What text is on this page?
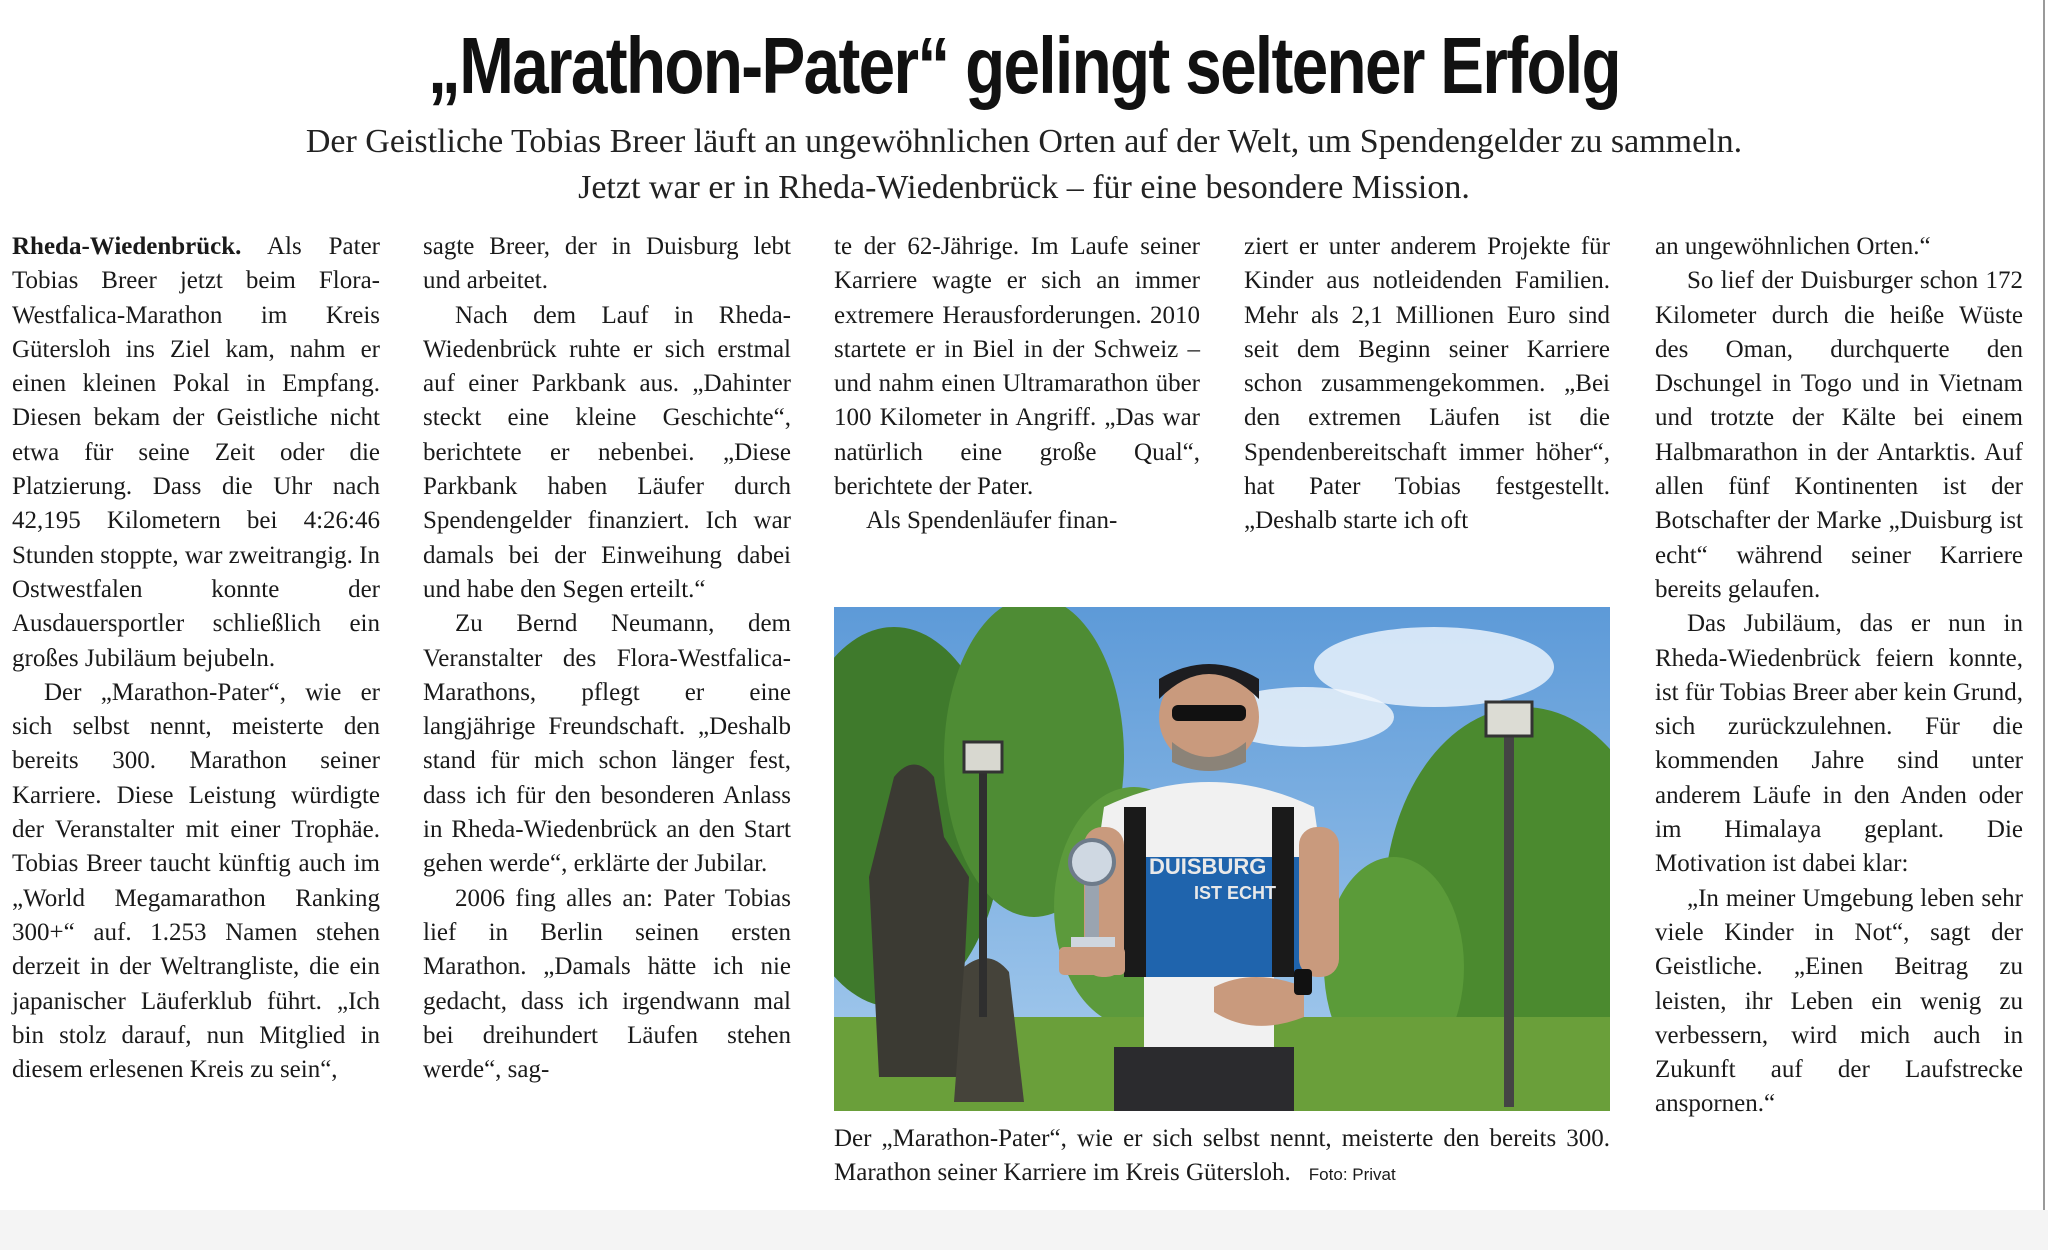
„Marathon-Pater“ gelingt seltener Erfolg
Der Geistliche Tobias Breer läuft an ungewöhnlichen Orten auf der Welt, um Spendengelder zu sammeln.
Jetzt war er in Rheda-Wiedenbrück – für eine besondere Mission.

Rheda-Wiedenbrück. Als Pater Tobias Breer jetzt beim Flora-Westfalica-Marathon im Kreis Gütersloh ins Ziel kam, nahm er einen kleinen Pokal in Empfang. Diesen bekam der Geistliche nicht etwa für seine Zeit oder die Platzierung. Dass die Uhr nach 42,195 Kilometern bei 4:26:46 Stunden stoppte, war zweitrangig. In Ostwestfalen konnte der Ausdauersportler schließlich ein großes Jubiläum bejubeln.

Der „Marathon-Pater“, wie er sich selbst nennt, meisterte den bereits 300. Marathon seiner Karriere. Diese Leistung würdigte der Veranstalter mit einer Trophäe. Tobias Breer taucht künftig auch im „World Megamarathon Ranking 300+“ auf. 1.253 Namen stehen derzeit in der Weltrangliste, die ein japanischer Läuferklub führt. „Ich bin stolz darauf, nun Mitglied in diesem erlesenen Kreis zu sein“,

sagte Breer, der in Duisburg lebt und arbeitet.

Nach dem Lauf in Rheda-Wiedenbrück ruhte er sich erstmal auf einer Parkbank aus. „Dahinter steckt eine kleine Geschichte“, berichtete er nebenbei. „Diese Parkbank haben Läufer durch Spendengelder finanziert. Ich war damals bei der Einweihung dabei und habe den Segen erteilt.“

Zu Bernd Neumann, dem Veranstalter des Flora-Westfalica-Marathons, pflegt er eine langjährige Freundschaft. „Deshalb stand für mich schon länger fest, dass ich für den besonderen Anlass in Rheda-Wiedenbrück an den Start gehen werde“, erklärte der Jubilar.

2006 fing alles an: Pater Tobias lief in Berlin seinen ersten Marathon. „Damals hätte ich nie gedacht, dass ich irgendwann mal bei dreihundert Läufen stehen werde“, sag-

te der 62-Jährige. Im Laufe seiner Karriere wagte er sich an immer extremere Herausforderungen. 2010 startete er in Biel in der Schweiz – und nahm einen Ultramarathon über 100 Kilometer in Angriff. „Das war natürlich eine große Qual“, berichtete der Pater.

Als Spendenläufer finan-

ziert er unter anderem Projekte für Kinder aus notleidenden Familien. Mehr als 2,1 Millionen Euro sind seit dem Beginn seiner Karriere schon zusammengekommen. „Bei den extremen Läufen ist die Spendenbereitschaft immer höher“, hat Pater Tobias festgestellt. „Deshalb starte ich oft

an ungewöhnlichen Orten.“

So lief der Duisburger schon 172 Kilometer durch die heiße Wüste des Oman, durchquerte den Dschungel in Togo und in Vietnam und trotzte der Kälte bei einem Halbmarathon in der Antarktis. Auf allen fünf Kontinenten ist der Botschafter der Marke „Duisburg ist echt“ während seiner Karriere bereits gelaufen.

Das Jubiläum, das er nun in Rheda-Wiedenbrück feiern konnte, ist für Tobias Breer aber kein Grund, sich zurückzulehnen. Für die kommenden Jahre sind unter anderem Läufe in den Anden oder im Himalaya geplant. Die Motivation ist dabei klar:

„In meiner Umgebung leben sehr viele Kinder in Not“, sagt der Geistliche. „Einen Beitrag zu leisten, ihr Leben ein wenig zu verbessern, wird mich auch in Zukunft auf der Laufstrecke anspornen.“

DUISBURG
IST ECHT
Der „Marathon-Pater“, wie er sich selbst nennt, meisterte den bereits 300. Marathon seiner Karriere im Kreis Gütersloh. Foto: Privat
